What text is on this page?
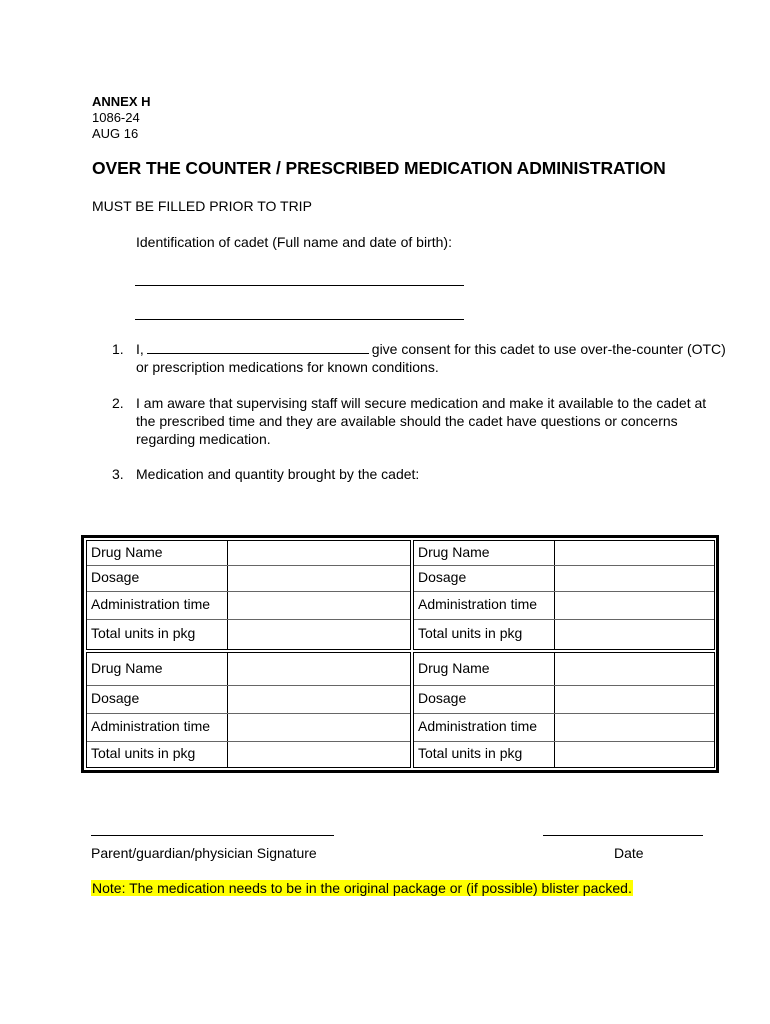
ANNEX H
1086-24
AUG 16
OVER THE COUNTER / PRESCRIBED MEDICATION ADMINISTRATION
MUST BE FILLED PRIOR TO TRIP
Identification of cadet (Full name and date of birth):
1. I,	give consent for this cadet to use over-the-counter (OTC) or prescription medications for known conditions.
2. I am aware that supervising staff will secure medication and make it available to the cadet at the prescribed time and they are available should the cadet have questions or concerns regarding medication.
3. Medication and quantity brought by the cadet:
Drug Name
Dosage
Administration time
Total units in pkg
Drug Name
Dosage
Administration time
Total units in pkg
Drug Name
Dosage
Administration time
Total units in pkg
Drug Name
Dosage
Administration time
Total units in pkg
Parent/guardian/physician Signature	Date
Note: The medication needs to be in the original package or (if possible) blister packed.
